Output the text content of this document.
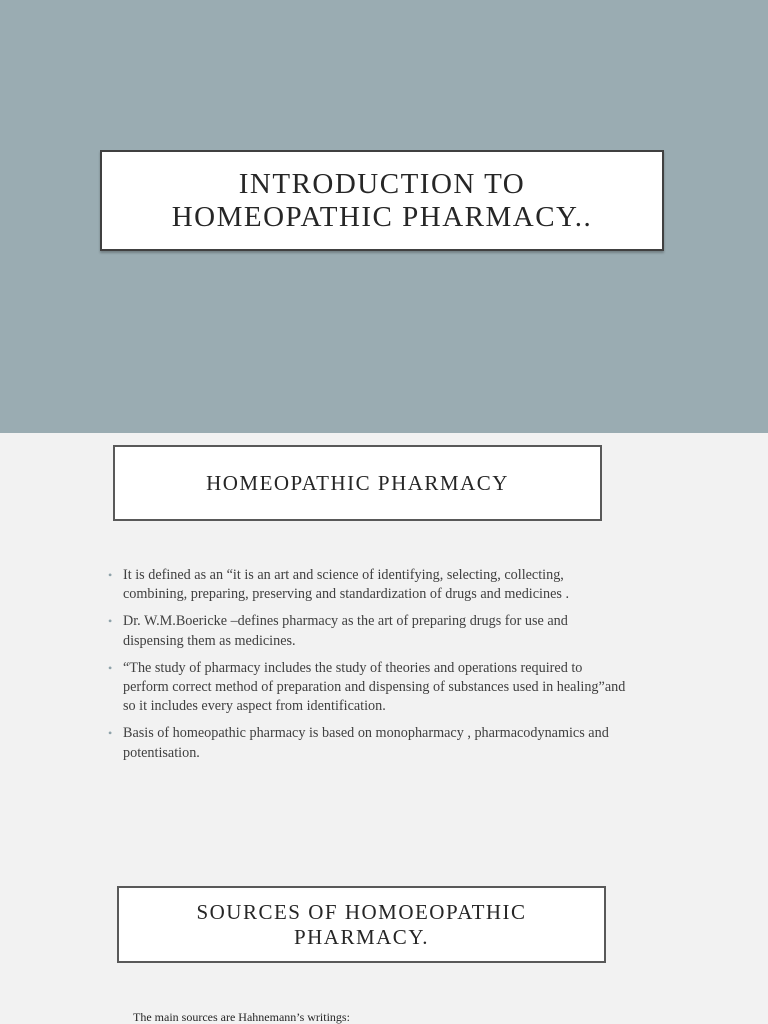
INTRODUCTION TO
HOMEOPATHIC PHARMACY..
HOMEOPATHIC PHARMACY
• It is defined as an “it is an art and science of identifying, selecting, collecting, combining, preparing, preserving and standardization of drugs and medicines .
• Dr. W.M.Boericke –defines pharmacy as the art of preparing drugs for use and dispensing them as medicines.
• “The study of pharmacy includes the study of theories and operations required to perform correct method of preparation and dispensing of substances used in healing”and so it includes every aspect from identification.
• Basis of homeopathic pharmacy is based on monopharmacy , pharmacodynamics and potentisation.
SOURCES OF HOMOEOPATHIC
PHARMACY.
The main sources are Hahnemann’s writings:
